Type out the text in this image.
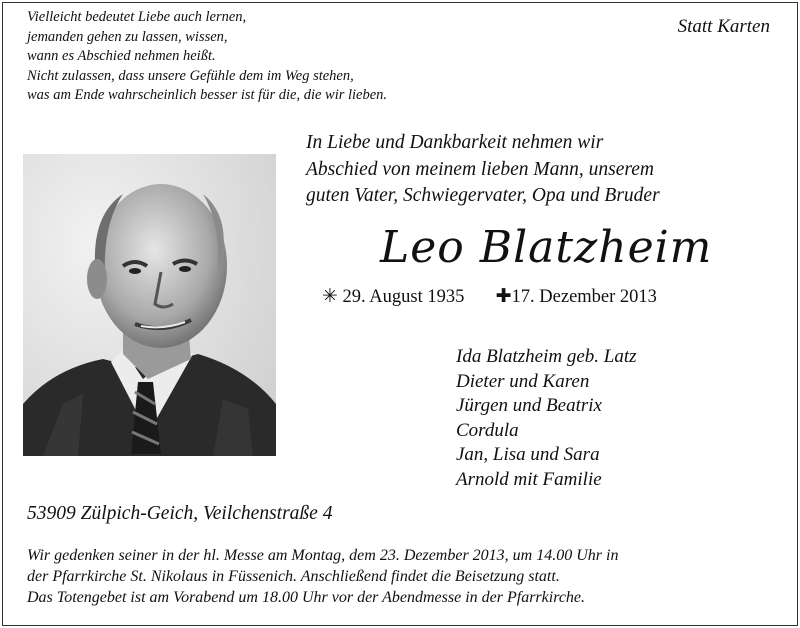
Vielleicht bedeutet Liebe auch lernen,
jemanden gehen zu lassen, wissen,
wann es Abschied nehmen heißt.
Nicht zulassen, dass unsere Gefühle dem im Weg stehen,
was am Ende wahrscheinlich besser ist für die, die wir lieben.
Statt Karten
In Liebe und Dankbarkeit nehmen wir
Abschied von meinem lieben Mann, unserem
guten Vater, Schwiegervater, Opa und Bruder
Leo Blatzheim
✳ 29. August 1935 ✚17. Dezember 2013
Ida Blatzheim geb. Latz
Dieter und Karen
Jürgen und Beatrix
Cordula
Jan, Lisa und Sara
Arnold mit Familie
53909 Zülpich-Geich, Veilchenstraße 4
Wir gedenken seiner in der hl. Messe am Montag, dem 23. Dezember 2013, um 14.00 Uhr in
der Pfarrkirche St. Nikolaus in Füssenich. Anschließend findet die Beisetzung statt.
Das Totengebet ist am Vorabend um 18.00 Uhr vor der Abendmesse in der Pfarrkirche.
